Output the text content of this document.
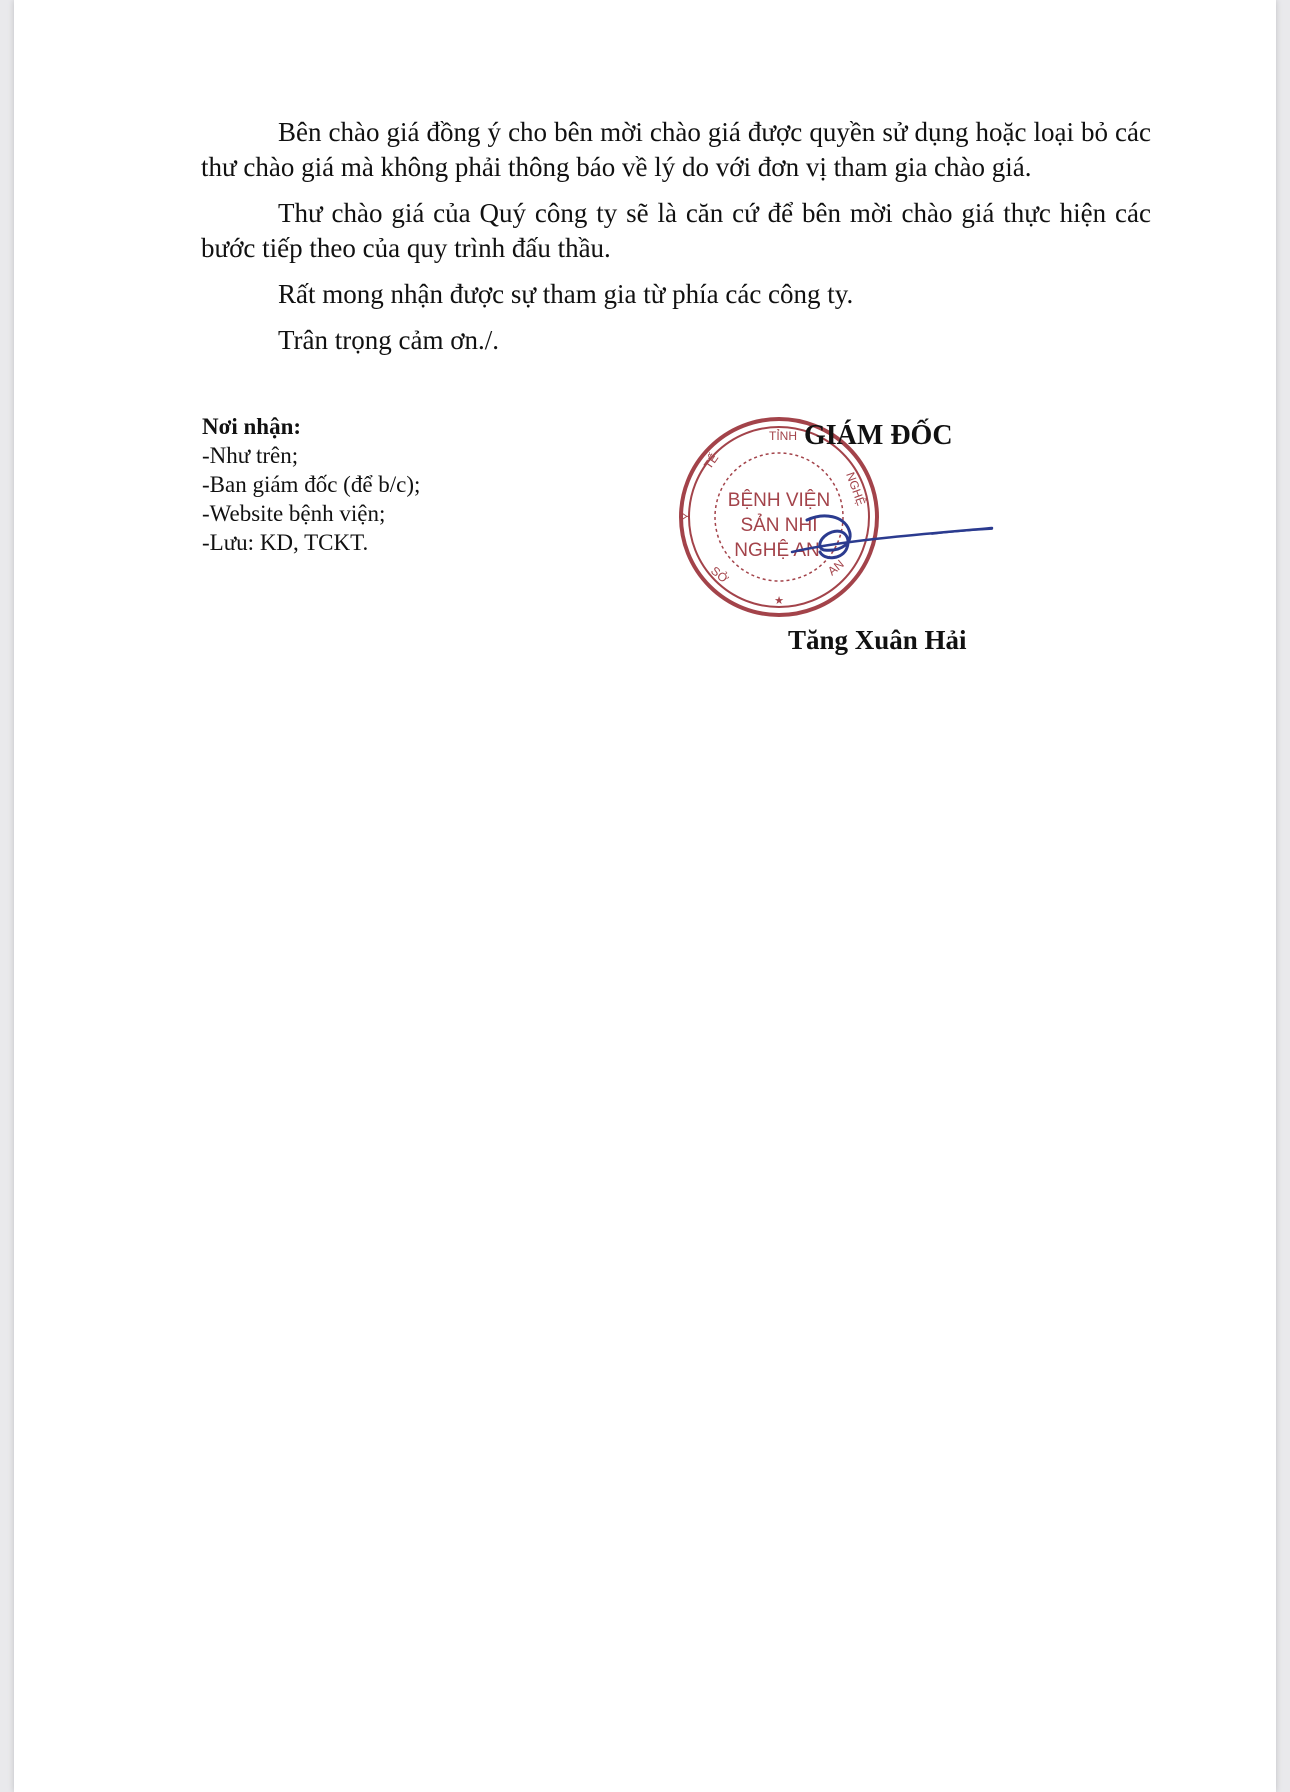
Bên chào giá đồng ý cho bên mời chào giá được quyền sử dụng hoặc loại bỏ các thư chào giá mà không phải thông báo về lý do với đơn vị tham gia chào giá.

Thư chào giá của Quý công ty sẽ là căn cứ để bên mời chào giá thực hiện các bước tiếp theo của quy trình đấu thầu.

Rất mong nhận được sự tham gia từ phía các công ty.

Trân trọng cảm ơn./.

Nơi nhận:
-Như trên;
-Ban giám đốc (để b/c);
-Website bệnh viện;
-Lưu: KD, TCKT.
BỆNH VIỆN
SẢN NHI
NGHỆ AN
TỈNH
TẾ
NGHỆ
Y
SỞ	AN
★
GIÁM ĐỐC
Tăng Xuân Hải
